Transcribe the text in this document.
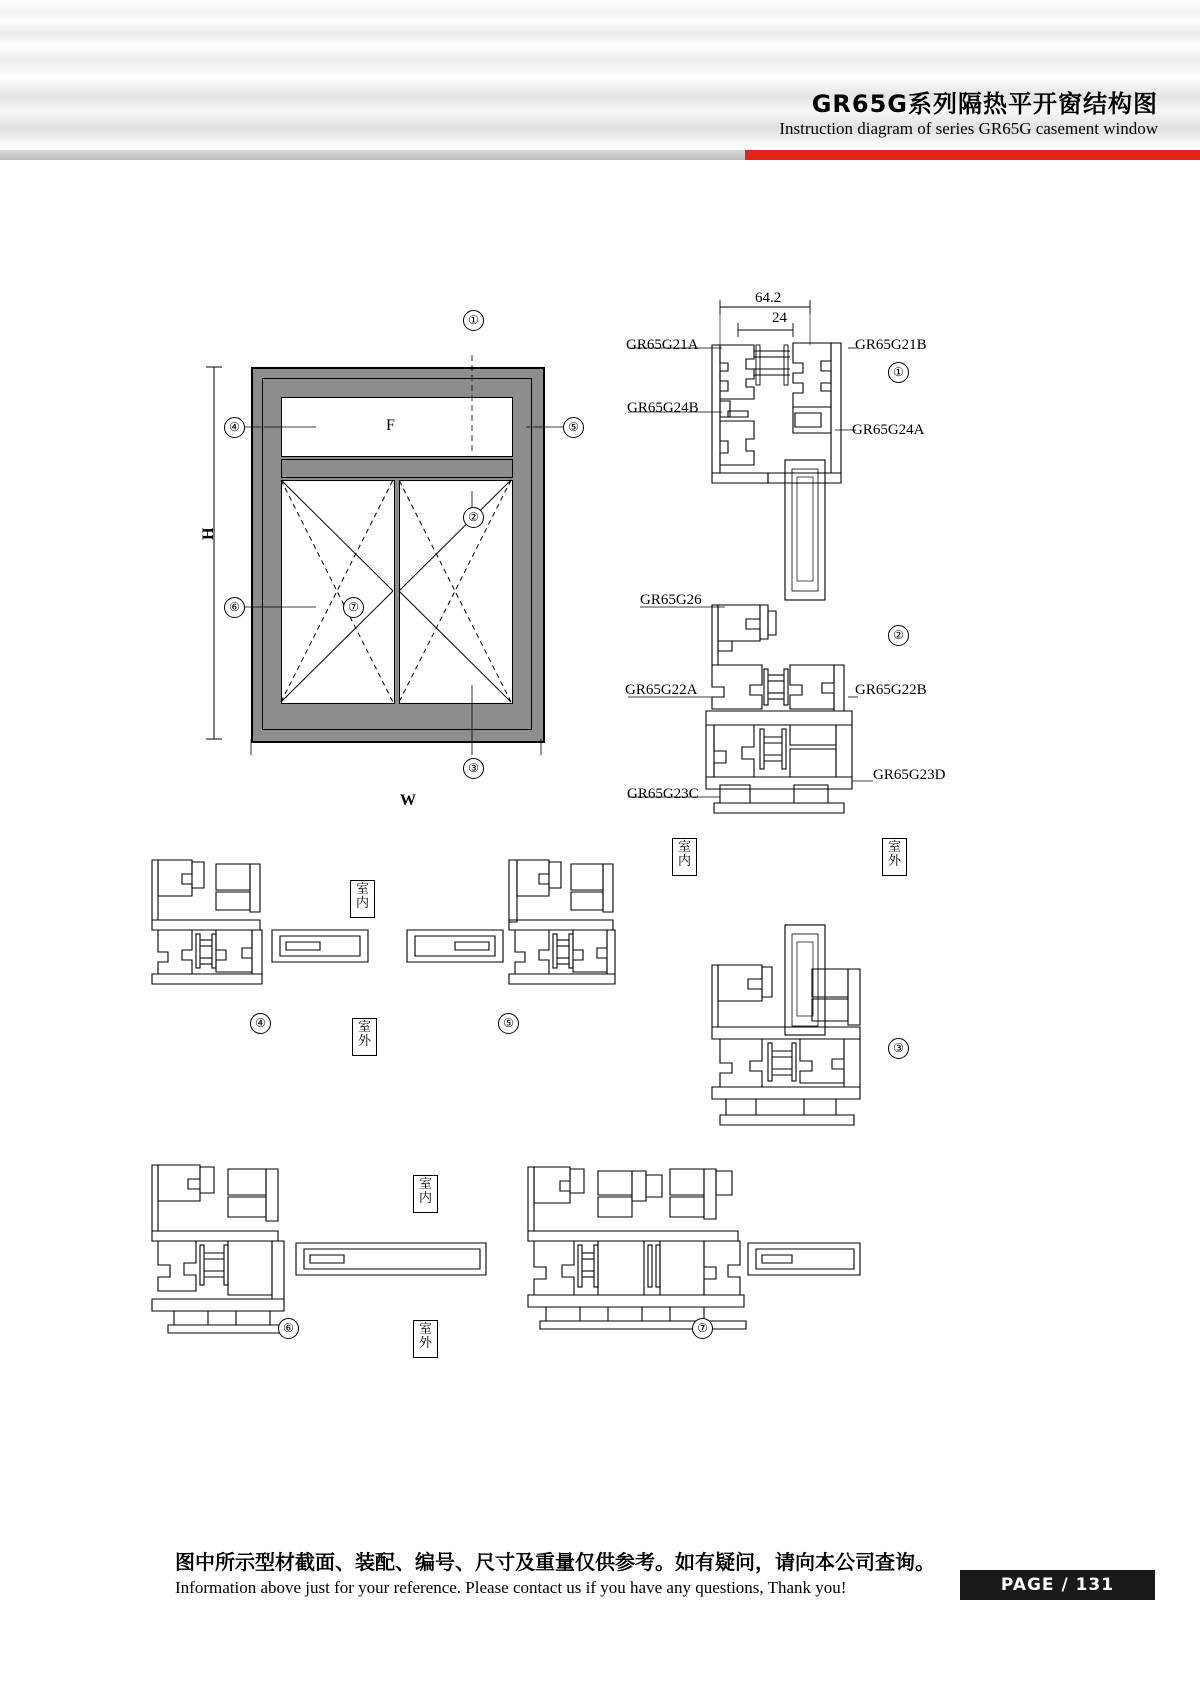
GR65G系列隔热平开窗结构图
Instruction diagram of series GR65G casement window
F
H
W
①
④	⑤
②
⑥	⑦
③
64.2
24
GR65G21A	GR65G21B
GR65G24B
GR65G24A
①
GR65G26
GR65G22A	GR65G22B
GR65G23C
GR65G23D
②
室内
室外
③
④	⑤
室内
室外
⑥	⑦
室内
室外
图中所示型材截面、装配、编号、尺寸及重量仅供参考。如有疑问，请向本公司查询。
Information above just for your reference. Please contact us if you have any questions, Thank you!	PAGE / 131
